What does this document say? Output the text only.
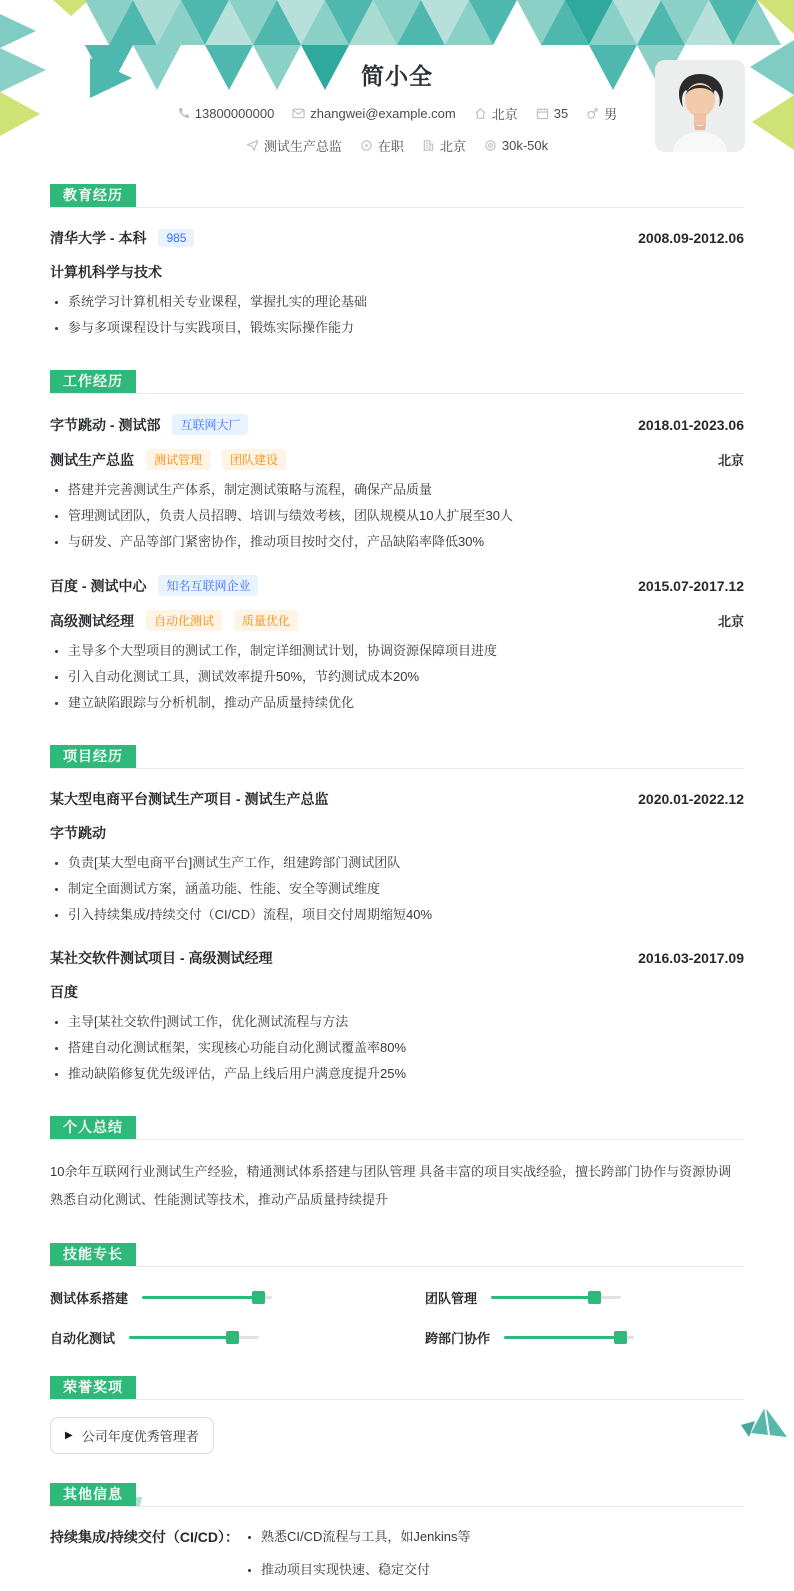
简小全
13800000000	zhangwei@example.com	北京	35	男
测试生产总监	在职	北京	30k-50k
教育经历
清华大学 - 本科	985	2008.09-2012.06
计算机科学与技术
• 系统学习计算机相关专业课程，掌握扎实的理论基础
• 参与多项课程设计与实践项目，锻炼实际操作能力
工作经历
字节跳动 - 测试部	互联网大厂	2018.01-2023.06
测试生产总监	测试管理	团队建设	北京
• 搭建并完善测试生产体系，制定测试策略与流程，确保产品质量
• 管理测试团队，负责人员招聘、培训与绩效考核，团队规模从10人扩展至30人
• 与研发、产品等部门紧密协作，推动项目按时交付，产品缺陷率降低30%
百度 - 测试中心	知名互联网企业	2015.07-2017.12
高级测试经理	自动化测试	质量优化	北京
• 主导多个大型项目的测试工作，制定详细测试计划，协调资源保障项目进度
• 引入自动化测试工具，测试效率提升50%，节约测试成本20%
• 建立缺陷跟踪与分析机制，推动产品质量持续优化
项目经历
某大型电商平台测试生产项目 - 测试生产总监	2020.01-2022.12
字节跳动
• 负责[某大型电商平台]测试生产工作，组建跨部门测试团队
• 制定全面测试方案，涵盖功能、性能、安全等测试维度
• 引入持续集成/持续交付（CI/CD）流程，项目交付周期缩短40%
某社交软件测试项目 - 高级测试经理	2016.03-2017.09
百度
• 主导[某社交软件]测试工作，优化测试流程与方法
• 搭建自动化测试框架，实现核心功能自动化测试覆盖率80%
• 推动缺陷修复优先级评估，产品上线后用户满意度提升25%
个人总结
10余年互联网行业测试生产经验，精通测试体系搭建与团队管理 具备丰富的项目实战经验，擅长跨部门协作与资源协调 熟悉自动化测试、性能测试等技术，推动产品质量持续提升
技能专长
测试体系搭建	团队管理
自动化测试	跨部门协作
荣誉奖项
▶ 公司年度优秀管理者
其他信息
持续集成/持续交付（CI/CD）： • 熟悉CI/CD流程与工具，如Jenkins等
• 推动项目实现快速、稳定交付
